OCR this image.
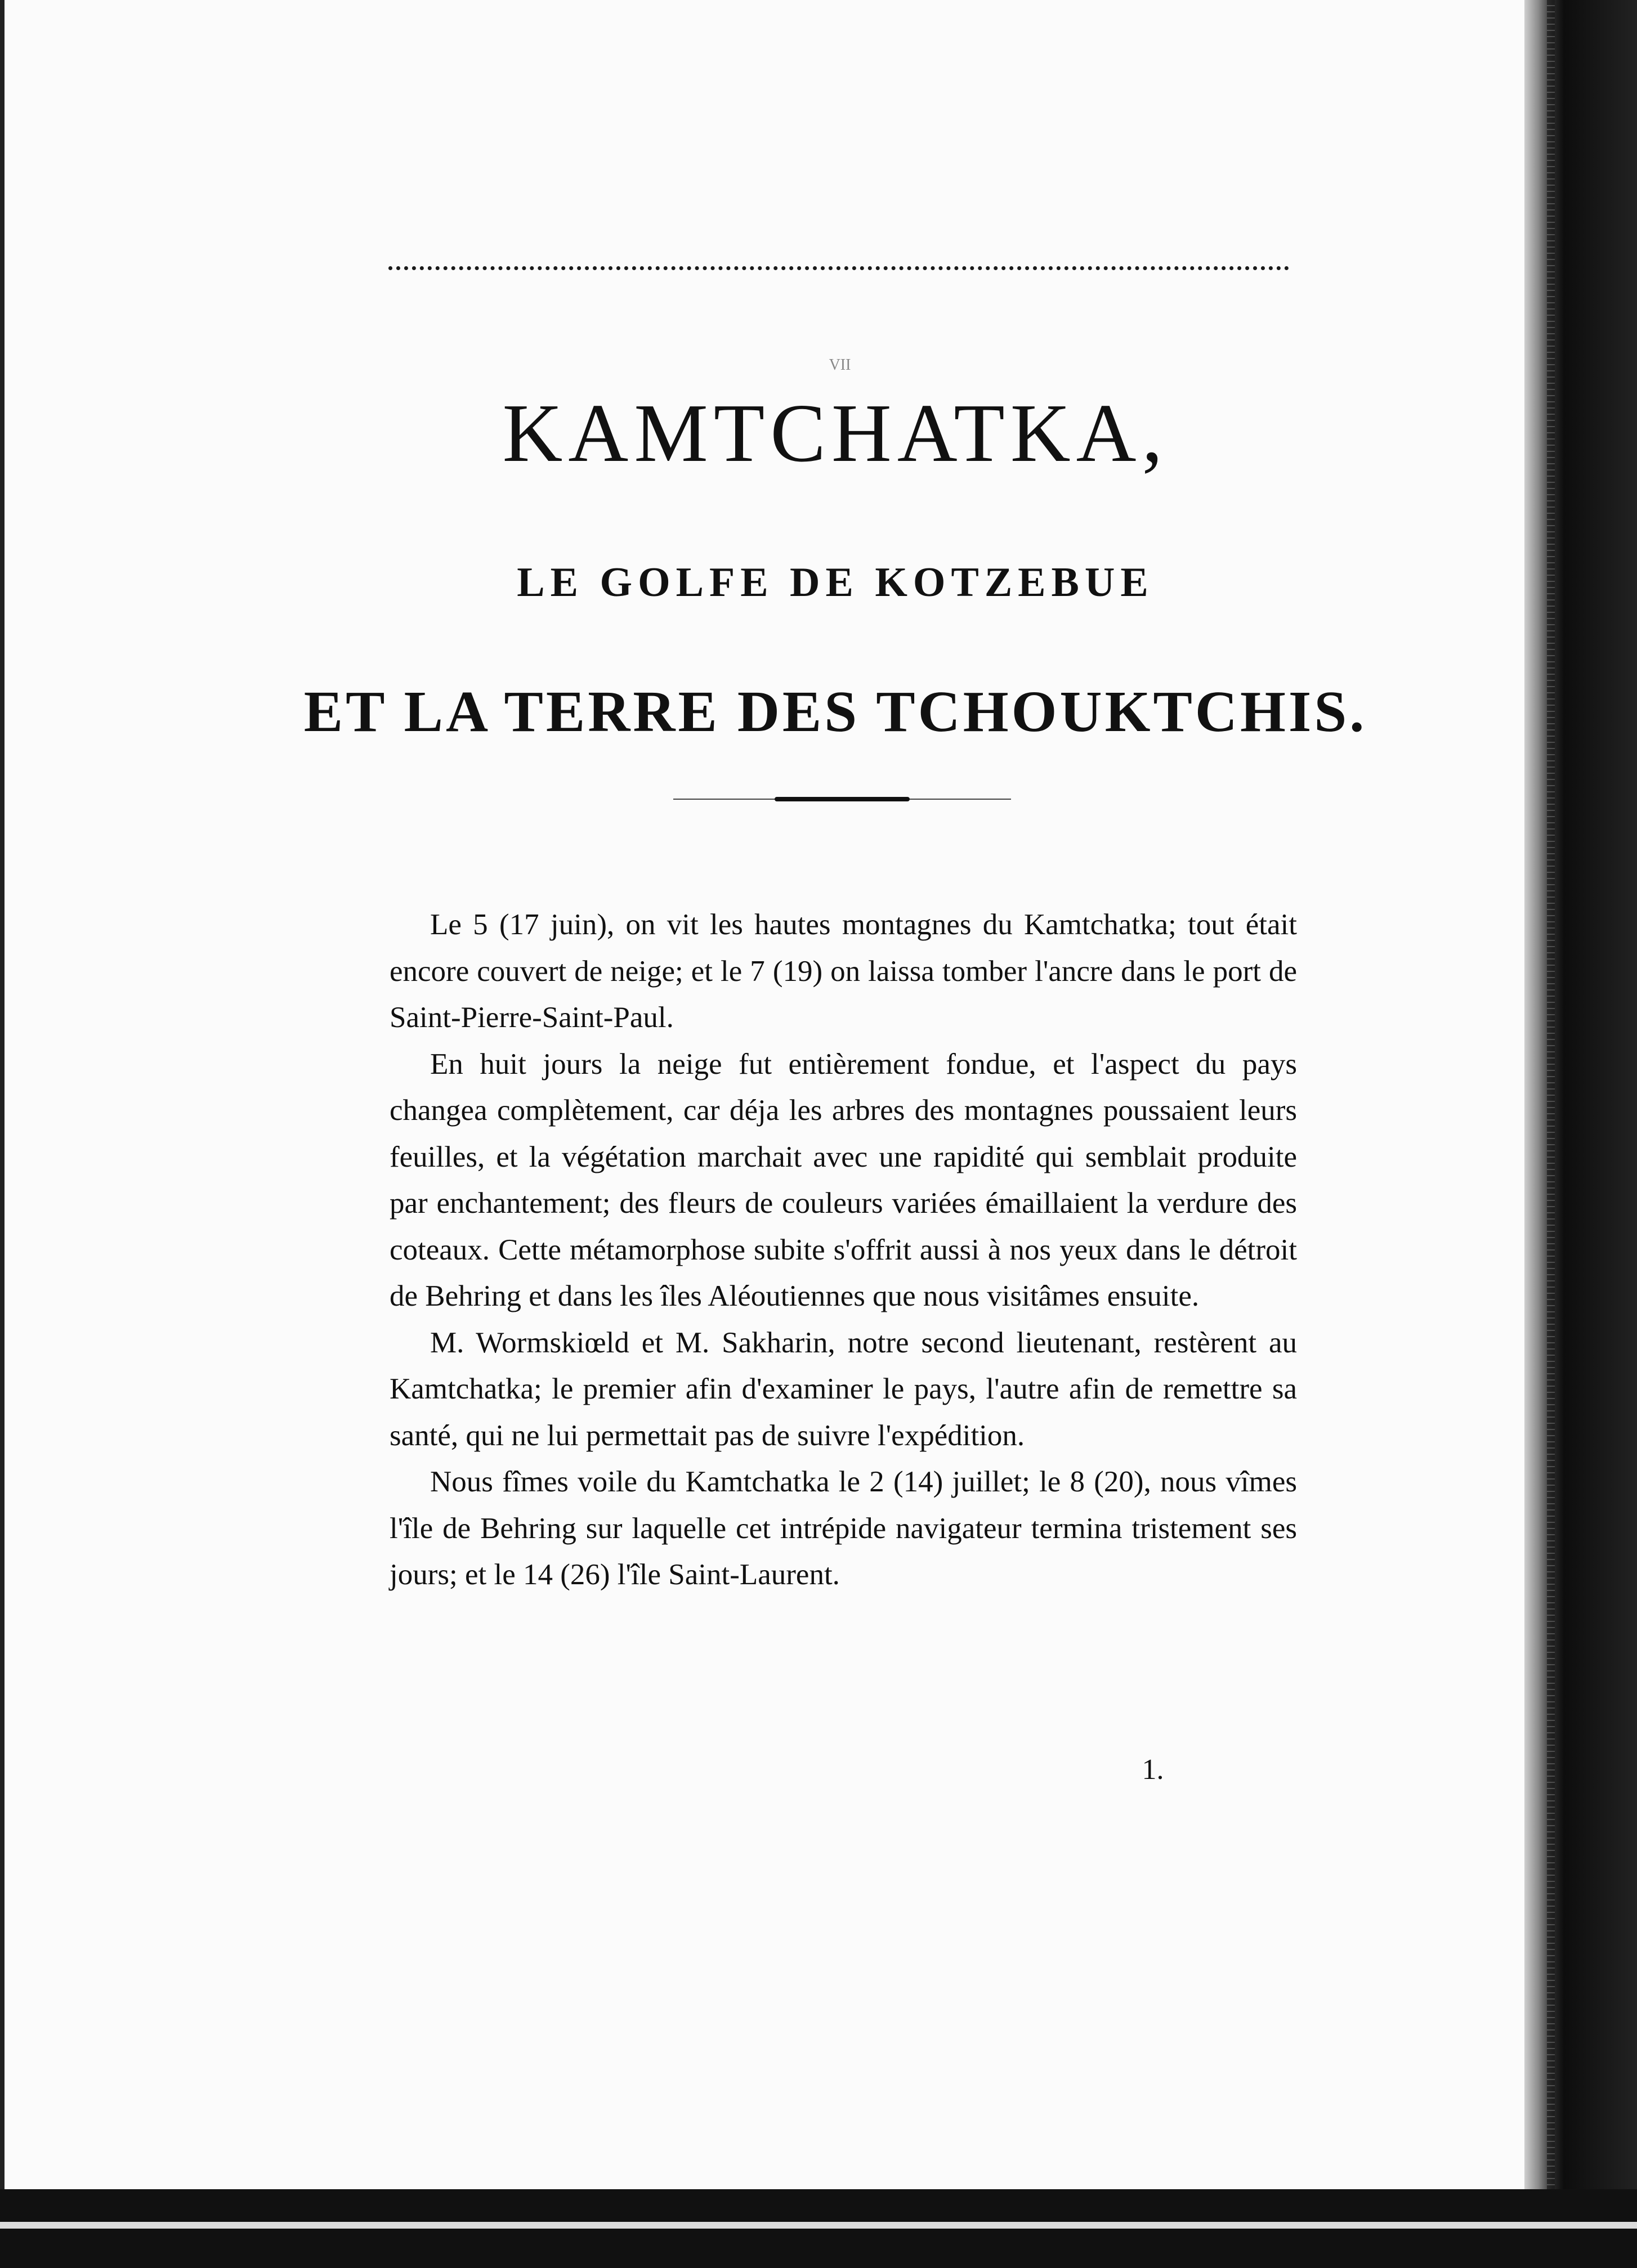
VII
KAMTCHATKA,
LE GOLFE DE KOTZEBUE
ET LA TERRE DES TCHOUKTCHIS.

Le 5 (17 juin), on vit les hautes montagnes du Kamtchatka; tout était encore couvert de neige; et le 7 (19) on laissa tomber l'ancre dans le port de Saint-Pierre-Saint-Paul.

En huit jours la neige fut entièrement fondue, et l'aspect du pays changea complètement, car déja les arbres des montagnes poussaient leurs feuilles, et la végétation marchait avec une rapidité qui semblait produite par enchantement; des fleurs de couleurs variées émaillaient la verdure des coteaux. Cette métamorphose subite s'offrit aussi à nos yeux dans le détroit de Behring et dans les îles Aléoutiennes que nous visitâmes ensuite.

M. Wormskiœld et M. Sakharin, notre second lieutenant, restèrent au Kamtchatka; le premier afin d'examiner le pays, l'autre afin de remettre sa santé, qui ne lui permettait pas de suivre l'expédition.

Nous fîmes voile du Kamtchatka le 2 (14) juillet; le 8 (20), nous vîmes l'île de Behring sur laquelle cet intrépide navigateur termina tristement ses jours; et le 14 (26) l'île Saint-Laurent.

1.
